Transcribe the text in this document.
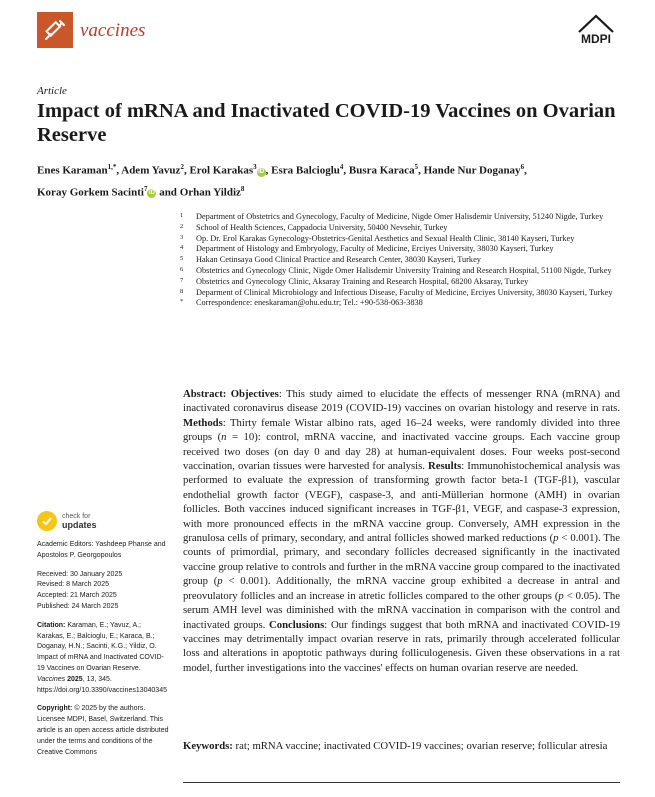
vaccines	MDPI
Article
Impact of mRNA and Inactivated COVID-19 Vaccines on Ovarian Reserve
Enes Karaman$^{1,*}$, Adem Yavuz$^2$, Erol Karakas$^3$iD , Esra Balcioglu$^4$, Busra Karaca$^5$, Hande Nur Doganay$^6$,
Koray Gorkem Sacinti$^7$iD and Orhan Yildiz$^8$
1	Department of Obstetrics and Gynecology, Faculty of Medicine, Nigde Omer Halisdemir University, 51240 Nigde, Turkey
2	School of Health Sciences, Cappadocia University, 50400 Nevsehir, Turkey
3	Op. Dr. Erol Karakas Gynecology-Obstetrics-Genital Aesthetics and Sexual Health Clinic, 38140 Kayseri, Turkey
4	Department of Histology and Embryology, Faculty of Medicine, Erciyes University, 38030 Kayseri, Turkey
5	Hakan Cetinsaya Good Clinical Practice and Research Center, 38030 Kayseri, Turkey
6	Obstetrics and Gynecology Clinic, Nigde Omer Halisdemir University Training and Research Hospital, 51100 Nigde, Turkey
7	Obstetrics and Gynecology Clinic, Aksaray Training and Research Hospital, 68200 Aksaray, Turkey
8	Deparment of Clinical Microbiology and Infectious Disease, Faculty of Medicine, Erciyes University, 38030 Kayseri, Turkey
*	Correspondence: eneskaraman@ohu.edu.tr; Tel.: +90-538-063-3838
Abstract: Objectives: This study aimed to elucidate the effects of messenger RNA (mRNA) and inactivated coronavirus disease 2019 (COVID-19) vaccines on ovarian histology and reserve in rats. Methods: Thirty female Wistar albino rats, aged 16–24 weeks, were randomly divided into three groups (n = 10): control, mRNA vaccine, and inactivated vaccine groups. Each vaccine group received two doses (on day 0 and day 28) at human-equivalent doses. Four weeks post-second vaccination, ovarian tissues were harvested for analysis. Results: Immunohistochemical analysis was performed to evaluate the expression of transforming growth factor beta-1 (TGF-β1), vascular endothelial growth factor (VEGF), caspase-3, and anti-Müllerian hormone (AMH) in ovarian follicles. Both vaccines induced significant increases in TGF-β1, VEGF, and caspase-3 expression, with more pronounced effects in the mRNA vaccine group. Conversely, AMH expression in the granulosa cells of primary, secondary, and antral follicles showed marked reductions (p < 0.001). The counts of primordial, primary, and secondary follicles decreased significantly in the inactivated vaccine group relative to controls and further in the mRNA vaccine group compared to the inactivated group (p < 0.001). Additionally, the mRNA vaccine group exhibited a decrease in antral and preovulatory follicles and an increase in atretic follicles compared to the other groups (p < 0.05). The serum AMH level was diminished with the mRNA vaccination in comparison with the control and inactivated groups. Conclusions: Our findings suggest that both mRNA and inactivated COVID-19 vaccines may detrimentally impact ovarian reserve in rats, primarily through accelerated follicular loss and alterations in apoptotic pathways during folliculogenesis. Given these observations in a rat model, further investigations into the vaccines' effects on human ovarian reserve are needed.
Keywords: rat; mRNA vaccine; inactivated COVID-19 vaccines; ovarian reserve; follicular atresia
check for
updates
Academic Editors: Yashdeep Phanse and Apostolos P. Georgopoulos
Received: 30 January 2025
Revised: 8 March 2025
Accepted: 21 March 2025
Published: 24 March 2025
Citation: Karaman, E.; Yavuz, A.; Karakas, E.; Balcioglu, E.; Karaca, B.; Doganay, H.N.; Sacinti, K.G.; Yildiz, O. Impact of mRNA and Inactivated COVID-19 Vaccines on Ovarian Reserve. Vaccines 2025, 13, 345. https://doi.org/10.3390/vaccines13040345
Copyright: © 2025 by the authors. Licensee MDPI, Basel, Switzerland. This article is an open access article distributed under the terms and conditions of the Creative Commons
